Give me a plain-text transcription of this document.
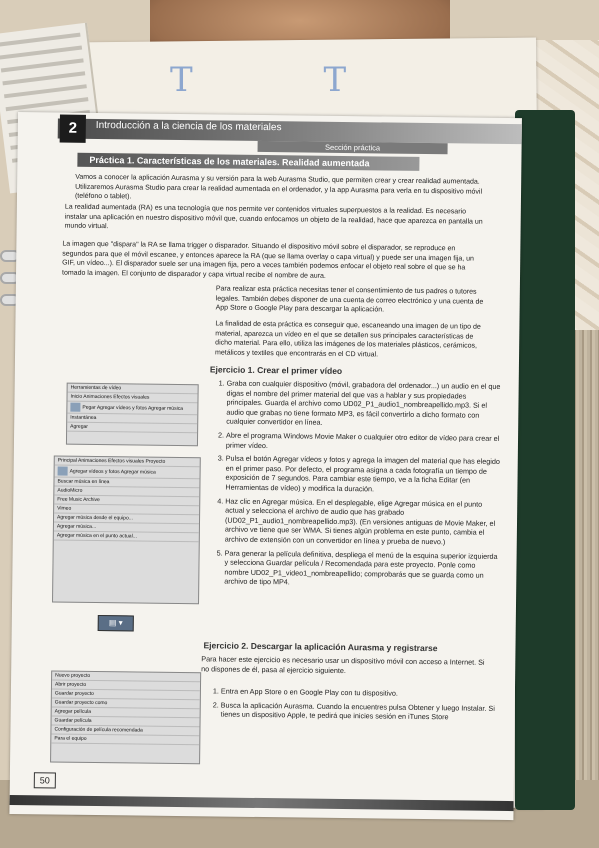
T T
2	Introducción a la ciencia de los materiales
Sección práctica
Práctica 1. Características de los materiales. Realidad aumentada
Vamos a conocer la aplicación Aurasma y su versión para la web Aurasma Studio, que permiten crear y crear realidad aumentada. Utilizaremos Aurasma Studio para crear la realidad aumentada en el ordenador, y la app Aurasma para verla en tu dispositivo móvil (teléfono o tablet).
La realidad aumentada (RA) es una tecnología que nos permite ver contenidos virtuales superpuestos a la realidad. Es necesario instalar una aplicación en nuestro dispositivo móvil que, cuando enfocamos un objeto de la realidad, hace que aparezca en pantalla un mundo virtual.
La imagen que "dispara" la RA se llama trigger o disparador. Situando el dispositivo móvil sobre el disparador, se reproduce en segundos para que el móvil escanee, y entonces aparece la RA (que se llama overlay o capa virtual) y puede ser una imagen fija, un GIF, un vídeo...). El disparador suele ser una imagen fija, pero a veces también podemos enfocar el objeto real sobre el que se ha tomado la imagen. El conjunto de disparador y capa virtual recibe el nombre de aura.
Para realizar esta práctica necesitas tener el consentimiento de tus padres o tutores legales. También debes disponer de una cuenta de correo electrónico y una cuenta de App Store o Google Play para descargar la aplicación.
La finalidad de esta práctica es conseguir que, escaneando una imagen de un tipo de material, aparezca un vídeo en el que se detallen sus principales características de dicho material. Para ello, utiliza las imágenes de los materiales plásticos, cerámicos, metálicos y textiles que encontrarás en el CD virtual.
Ejercicio 1. Crear el primer vídeo
1. Graba con cualquier dispositivo (móvil, grabadora del ordenador...) un audio en el que digas el nombre del primer material del que vas a hablar y sus propiedades principales. Guarda el archivo como UD02_P1_audio1_nombreapellido.mp3. Si el audio que grabas no tiene formato MP3, es fácil convertirlo a dicho formato con cualquier convertidor en línea.
2. Abre el programa Windows Movie Maker o cualquier otro editor de vídeo para crear el primer vídeo.
3. Pulsa el botón Agregar vídeos y fotos y agrega la imagen del material que has elegido en el primer paso. Por defecto, el programa asigna a cada fotografía un tiempo de exposición de 7 segundos. Para cambiar este tiempo, ve a la ficha Editar (en Herramientas de vídeo) y modifica la duración.
4. Haz clic en Agregar música. En el desplegable, elige Agregar música en el punto actual y selecciona el archivo de audio que has grabado (UD02_P1_audio1_nombreapellido.mp3). (En versiones antiguas de Movie Maker, el archivo ve tiene que ser WMA. Si tienes algún problema en este punto, cambia el archivo de extensión con un convertidor en línea y prueba de nuevo.)
5. Para generar la película definitiva, despliega el menú de la esquina superior izquierda y selecciona Guardar película / Recomendada para este proyecto. Ponle como nombre UD02_P1_video1_nombreapellido; comprobarás que se guarda como un archivo de tipo MP4.
Herramientas de vídeo
Inicio Animaciones Efectos visuales
Pegar Agregar vídeos y fotos Agregar música
Instantánea
Agregar
Principal Animaciones Efectos visuales Proyecto
Agregar vídeos y fotos Agregar música
Buscar música en línea
AudioMicro
Free Music Archive
Vimeo
Agregar música desde el equipo...
Agregar música...
Agregar música en el punto actual...
▤ ▾
Ejercicio 2. Descargar la aplicación Aurasma y registrarse
Para hacer este ejercicio es necesario usar un dispositivo móvil con acceso a Internet. Si no dispones de él, pasa al ejercicio siguiente.
1. Entra en App Store o en Google Play con tu dispositivo.
2. Busca la aplicación Aurasma. Cuando la encuentres pulsa Obtener y luego Instalar. Si tienes un dispositivo Apple, te pedirá que inicies sesión en iTunes Store
Nuevo proyecto
Abrir proyecto
Guardar proyecto
Guardar proyecto como
Agregar película
Guardar película
Configuración de película recomendada
Para el equipo
50
